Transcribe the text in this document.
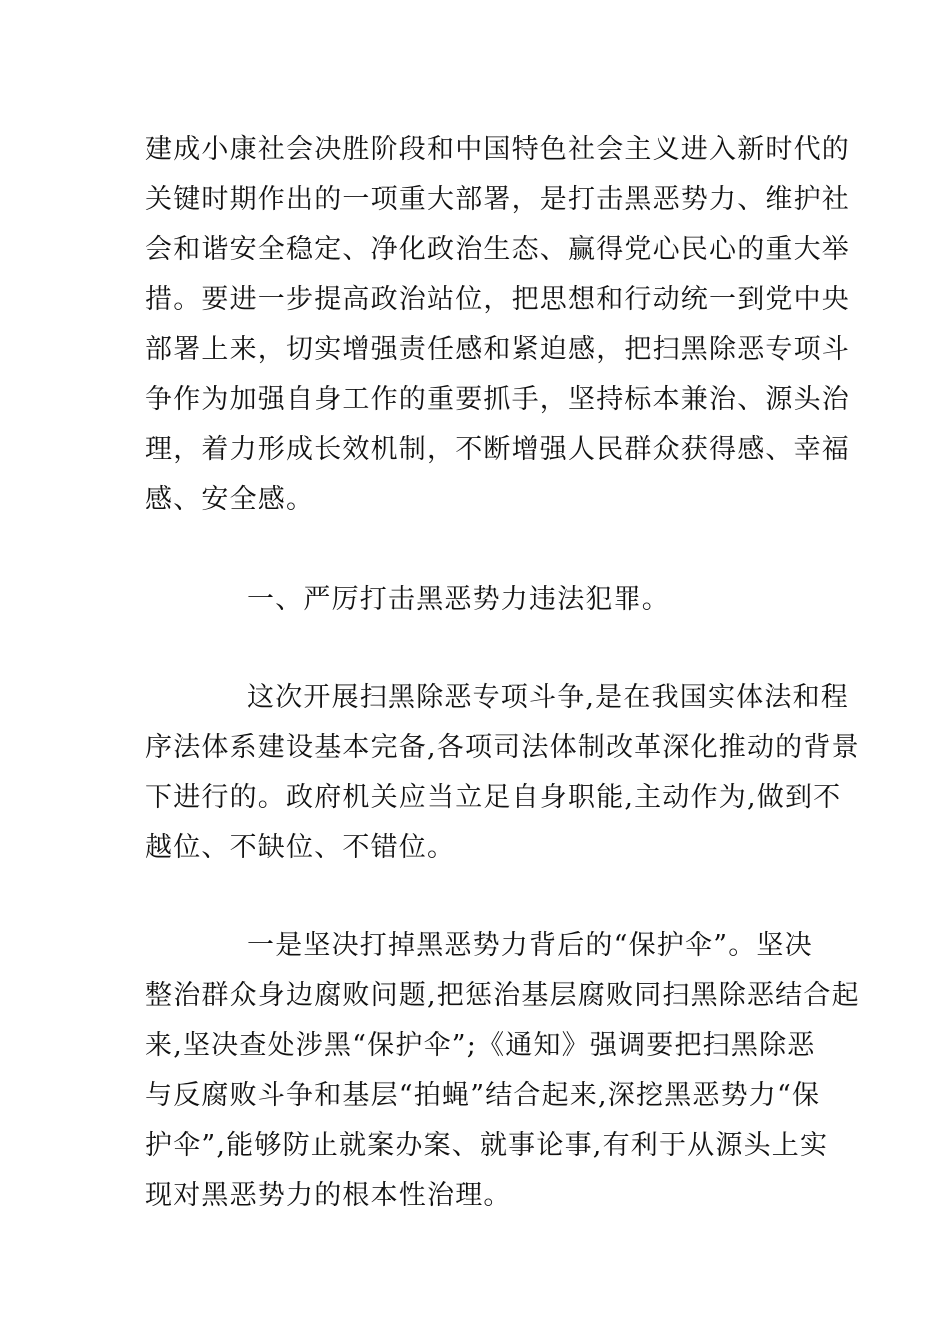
建成小康社会决胜阶段和中国特色社会主义进入新时代的
关键时期作出的一项重大部署，是打击黑恶势力、维护社
会和谐安全稳定、净化政治生态、赢得党心民心的重大举
措。要进一步提高政治站位，把思想和行动统一到党中央
部署上来，切实增强责任感和紧迫感，把扫黑除恶专项斗
争作为加强自身工作的重要抓手，坚持标本兼治、源头治
理，着力形成长效机制，不断增强人民群众获得感、幸福
感、安全感。
一、严厉打击黑恶势力违法犯罪。
这次开展扫黑除恶专项斗争,是在我国实体法和程
序法体系建设基本完备,各项司法体制改革深化推动的背景
下进行的。政府机关应当立足自身职能,主动作为,做到不
越位、不缺位、不错位。
一是坚决打掉黑恶势力背后的“保护伞”。坚决
整治群众身边腐败问题,把惩治基层腐败同扫黑除恶结合起
来,坚决查处涉黑“保护伞”;《通知》强调要把扫黑除恶
与反腐败斗争和基层“拍蝇”结合起来,深挖黑恶势力“保
护伞”,能够防止就案办案、就事论事,有利于从源头上实
现对黑恶势力的根本性治理。
